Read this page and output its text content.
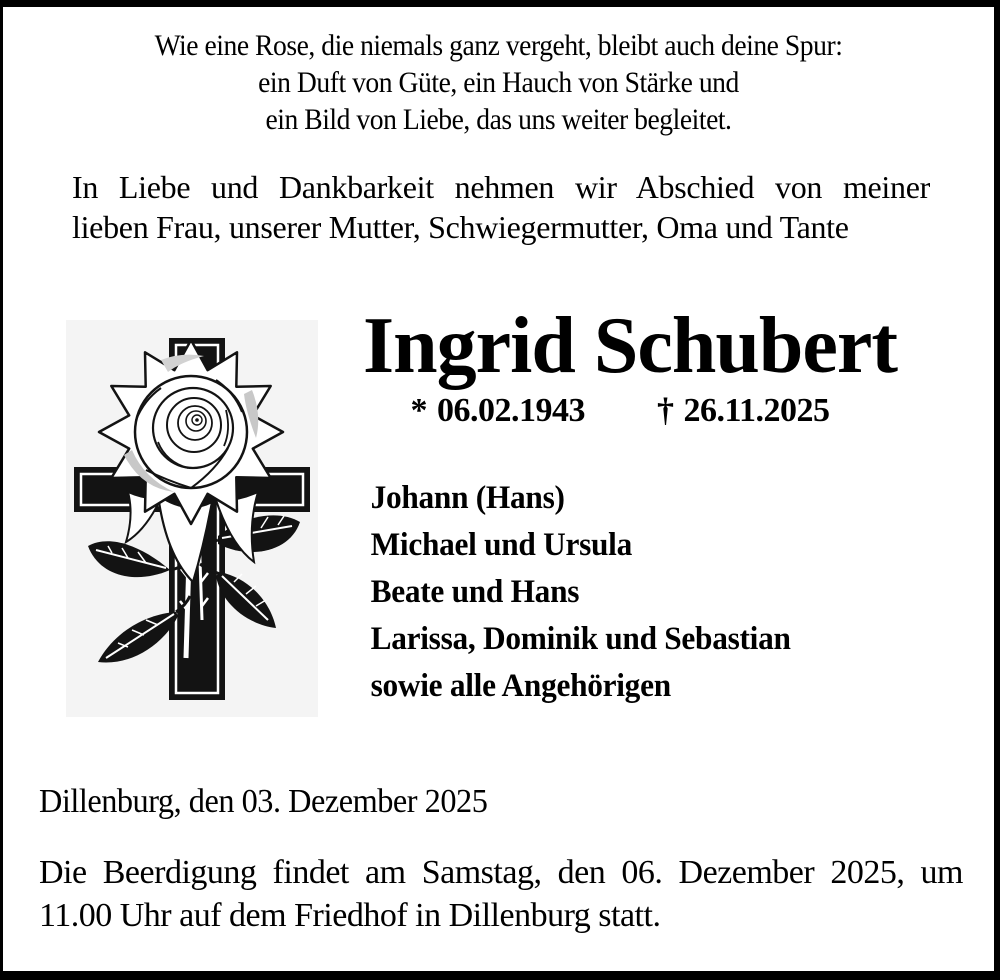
Wie eine Rose, die niemals ganz vergeht, bleibt auch deine Spur:
ein Duft von Güte, ein Hauch von Stärke und
ein Bild von Liebe, das uns weiter begleitet.
In Liebe und Dankbarkeit nehmen wir Abschied von meiner
lieben Frau, unserer Mutter, Schwiegermutter, Oma und Tante
Ingrid Schubert
* 06.02.1943 † 26.11.2025
Johann (Hans)
Michael und Ursula
Beate und Hans
Larissa, Dominik und Sebastian
sowie alle Angehörigen
Dillenburg, den 03. Dezember 2025
Die Beerdigung findet am Samstag, den 06. Dezember 2025, um
11.00 Uhr auf dem Friedhof in Dillenburg statt.
